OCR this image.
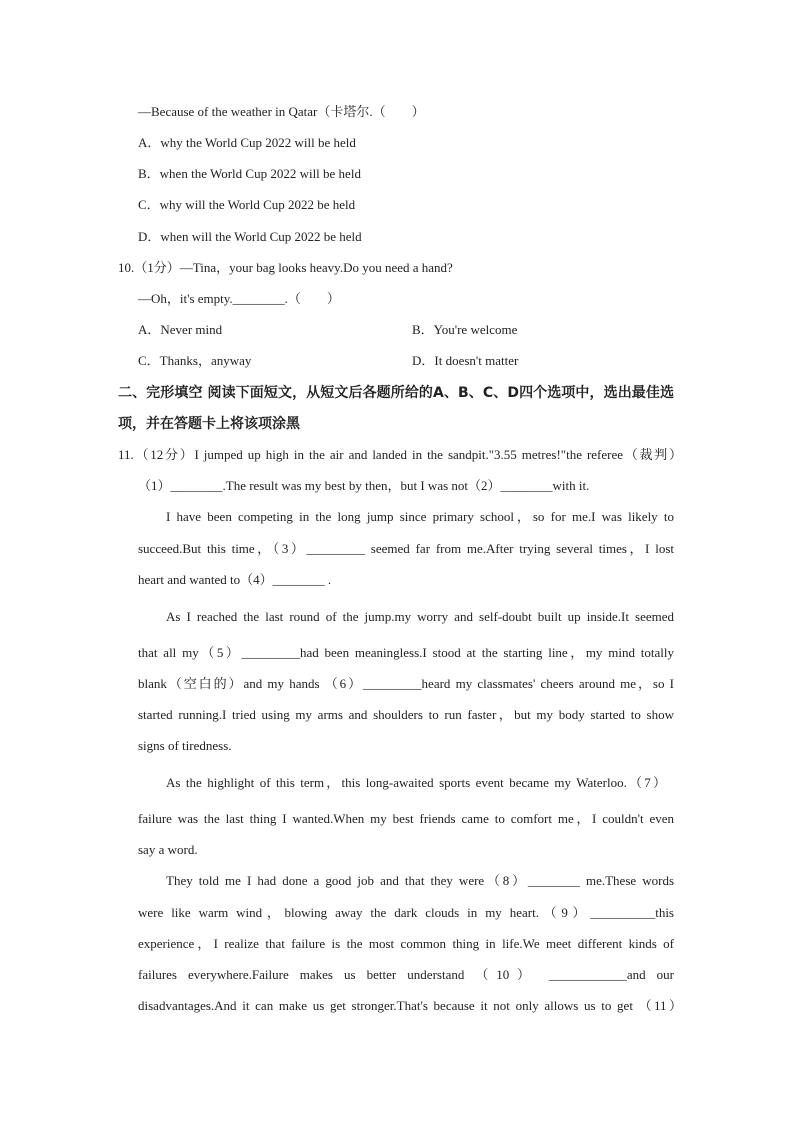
—Because of the weather in Qatar（卡塔尔.（　　）
A．why the World Cup 2022 will be held
B．when the World Cup 2022 will be held
C．why will the World Cup 2022 be held
D．when will the World Cup 2022 be held
10.（1分）—Tina，your bag looks heavy.Do you need a hand?
—Oh，it's empty.________.（　　）
A．Never mind	B．You're welcome
C．Thanks，anyway	D．It doesn't matter
二、完形填空 阅读下面短文，从短文后各题所给的A、B、C、D四个选项中，选出最佳选
项，并在答题卡上将该项涂黑
11.（12分）I jumped up high in the air and landed in the sandpit."3.55 metres!"the referee（裁判）
（1）________.The result was my best by then，but I was not（2）________with it.
I have been competing in the long jump since primary school，so for me.I was likely to
succeed.But this time，（3）_________ seemed far from me.After trying several times，I lost
heart and wanted to（4）________ .
As I reached the last round of the jump.my worry and self-doubt built up inside.It seemed
that all my（5）_________had been meaningless.I stood at the starting line，my mind totally
blank（空白的）and my hands （6）_________heard my classmates' cheers around me，so I
started running.I tried using my arms and shoulders to run faster，but my body started to show
signs of tiredness.
As the highlight of this term，this long-awaited sports event became my Waterloo.（7）
failure was the last thing I wanted.When my best friends came to comfort me，I couldn't even
say a word.
They told me I had done a good job and that they were（8）________ me.These words
were like warm wind，blowing away the dark clouds in my heart.（9）__________this
experience，I realize that failure is the most common thing in life.We meet different kinds of
failures everywhere.Failure makes us better understand （10） ____________and our
disadvantages.And it can make us get stronger.That's because it not only allows us to get （11）
